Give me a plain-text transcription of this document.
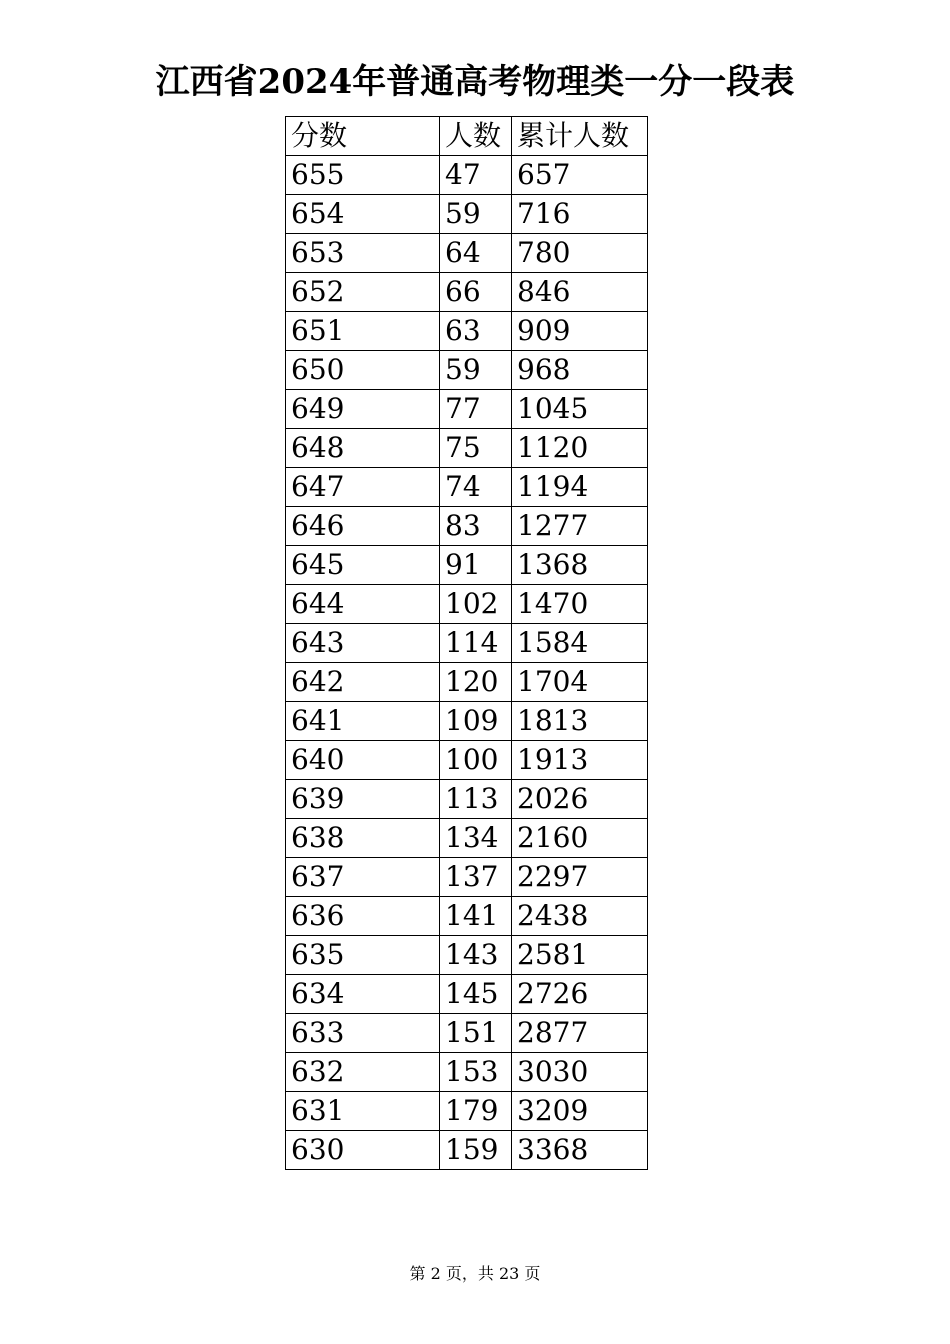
江西省2024年普通高考物理类一分一段表
分数	人数	累计人数
655	47	657
654	59	716
653	64	780
652	66	846
651	63	909
650	59	968
649	77	1045
648	75	1120
647	74	1194
646	83	1277
645	91	1368
644	102	1470
643	114	1584
642	120	1704
641	109	1813
640	100	1913
639	113	2026
638	134	2160
637	137	2297
636	141	2438
635	143	2581
634	145	2726
633	151	2877
632	153	3030
631	179	3209
630	159	3368
第 2 页，共 23 页
